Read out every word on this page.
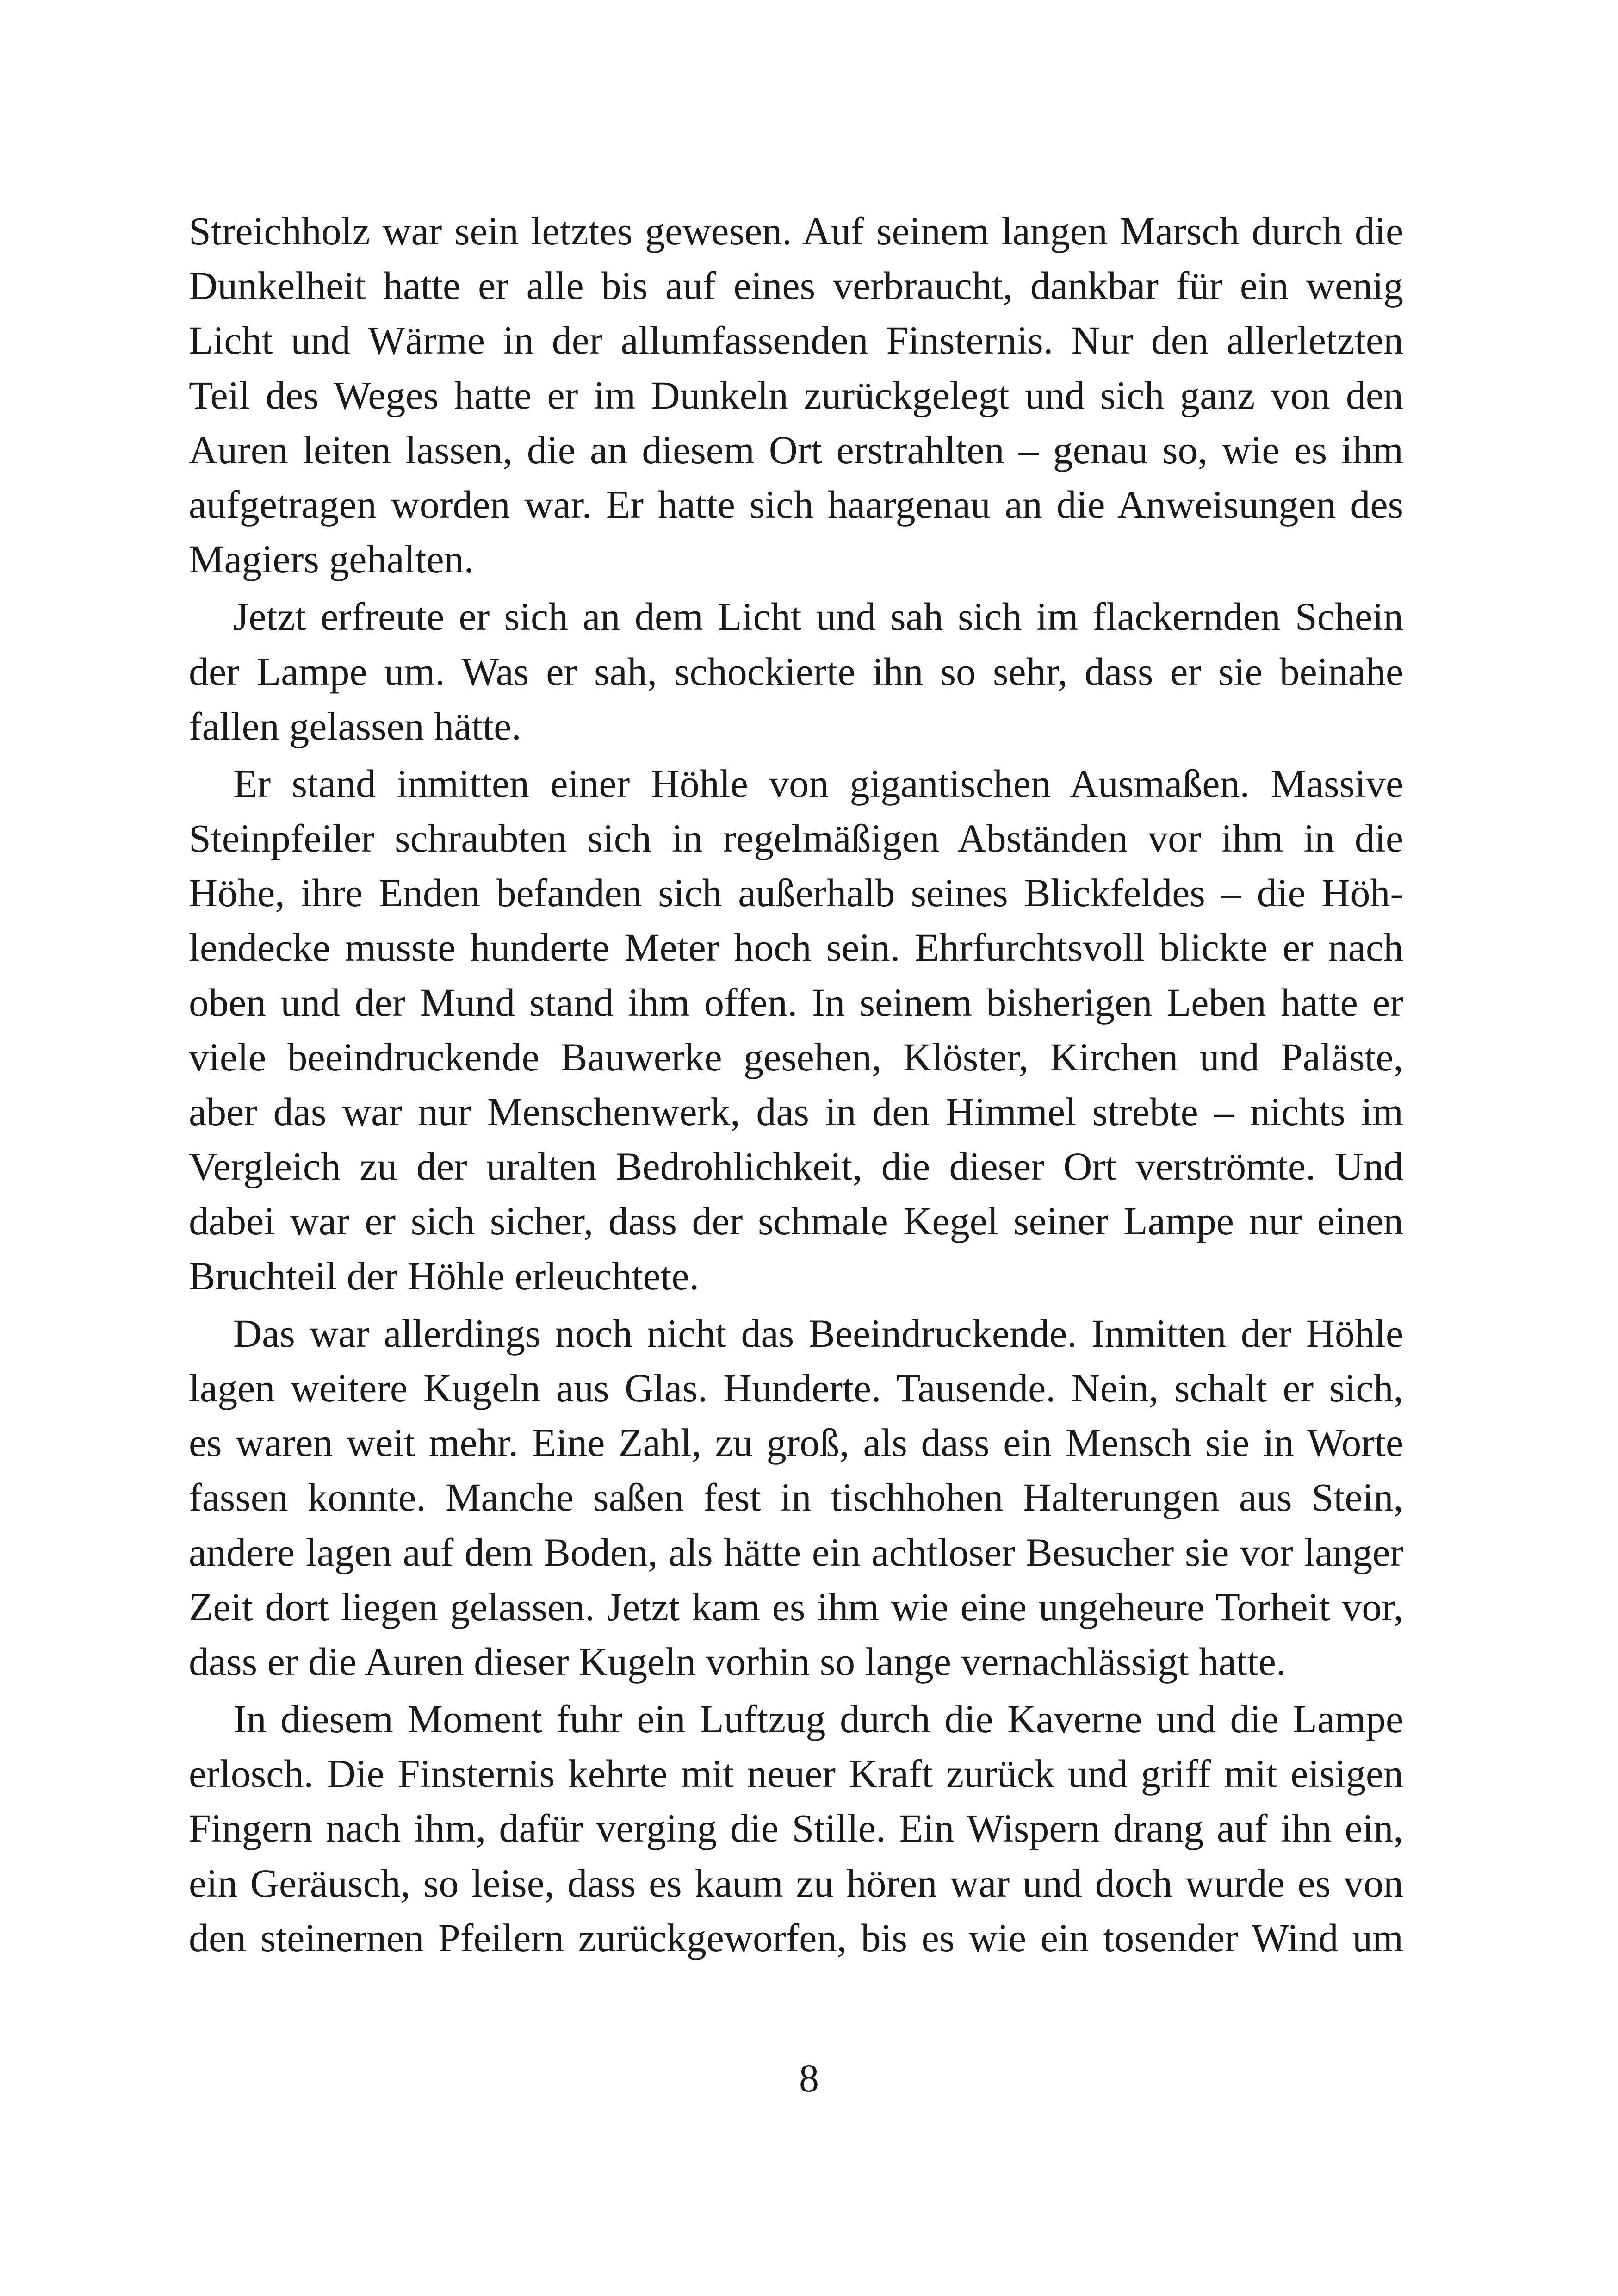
Streichholz war sein letztes gewesen. Auf seinem langen Marsch durch die
Dunkelheit hatte er alle bis auf eines verbraucht, dankbar für ein wenig
Licht und Wärme in der allumfassenden Finsternis. Nur den allerletzten
Teil des Weges hatte er im Dunkeln zurückgelegt und sich ganz von den
Auren leiten lassen, die an diesem Ort erstrahlten – genau so, wie es ihm
aufgetragen worden war. Er hatte sich haargenau an die Anweisungen des
Magiers gehalten.
Jetzt erfreute er sich an dem Licht und sah sich im flackernden Schein
der Lampe um. Was er sah, schockierte ihn so sehr, dass er sie beinahe
fallen gelassen hätte.
Er stand inmitten einer Höhle von gigantischen Ausmaßen. Massive
Steinpfeiler schraubten sich in regelmäßigen Abständen vor ihm in die
Höhe, ihre Enden befanden sich außerhalb seines Blickfeldes – die Höh-
lendecke musste hunderte Meter hoch sein. Ehrfurchtsvoll blickte er nach
oben und der Mund stand ihm offen. In seinem bisherigen Leben hatte er
viele beeindruckende Bauwerke gesehen, Klöster, Kirchen und Paläste,
aber das war nur Menschenwerk, das in den Himmel strebte – nichts im
Vergleich zu der uralten Bedrohlichkeit, die dieser Ort verströmte. Und
dabei war er sich sicher, dass der schmale Kegel seiner Lampe nur einen
Bruchteil der Höhle erleuchtete.
Das war allerdings noch nicht das Beeindruckende. Inmitten der Höhle
lagen weitere Kugeln aus Glas. Hunderte. Tausende. Nein, schalt er sich,
es waren weit mehr. Eine Zahl, zu groß, als dass ein Mensch sie in Worte
fassen konnte. Manche saßen fest in tischhohen Halterungen aus Stein,
andere lagen auf dem Boden, als hätte ein achtloser Besucher sie vor langer
Zeit dort liegen gelassen. Jetzt kam es ihm wie eine ungeheure Torheit vor,
dass er die Auren dieser Kugeln vorhin so lange vernachlässigt hatte.
In diesem Moment fuhr ein Luftzug durch die Kaverne und die Lampe
erlosch. Die Finsternis kehrte mit neuer Kraft zurück und griff mit eisigen
Fingern nach ihm, dafür verging die Stille. Ein Wispern drang auf ihn ein,
ein Geräusch, so leise, dass es kaum zu hören war und doch wurde es von
den steinernen Pfeilern zurückgeworfen, bis es wie ein tosender Wind um
8
